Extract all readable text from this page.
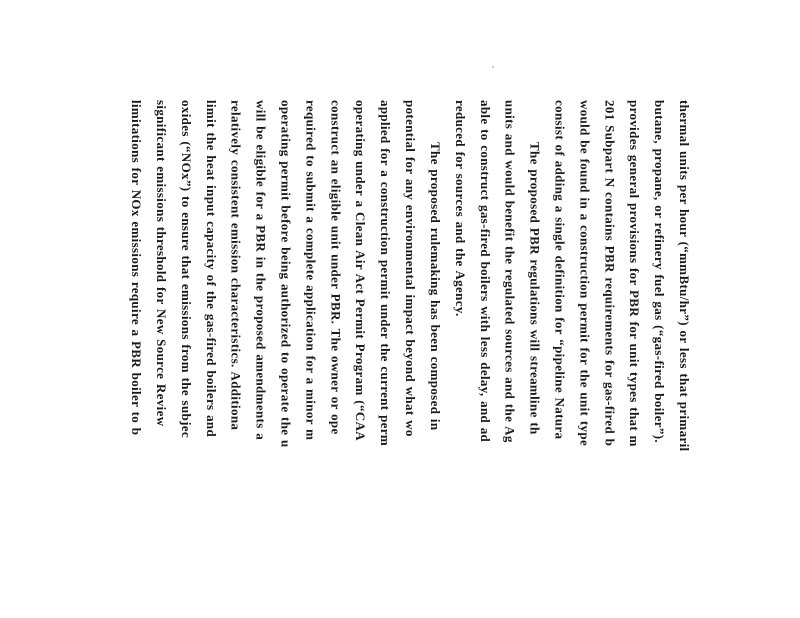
thermal units per hour (“mmBtu/hr”) or less that primaril
butane, propane, or refinery fuel gas (“gas-fired boiler”).
provides general provisions for PBR for unit types that m
201 Subpart N contains PBR requirements for gas-fired b
would be found in a construction permit for the unit type
consist of adding a single definition for “pipeline Natura
The proposed PBR regulations will streamline th
units and would benefit the regulated sources and the Ag
able to construct gas-fired boilers with less delay, and ad
reduced for sources and the Agency.
The proposed rulemaking has been composed in
potential for any environmental impact beyond what wo
applied for a construction permit under the current perm
operating under a Clean Air Act Permit Program (“CAA
construct an eligible unit under PBR. The owner or ope
required to submit a complete application for a minor m
operating permit before being authorized to operate the u
will be eligible for a PBR in the proposed amendments a
relatively consistent emission characteristics. Additiona
limit the heat input capacity of the gas-fired boilers and
oxides (“NOx”) to ensure that emissions from the subjec
significant emissions threshold for New Source Review
limitations for NOx emissions require a PBR boiler to b
